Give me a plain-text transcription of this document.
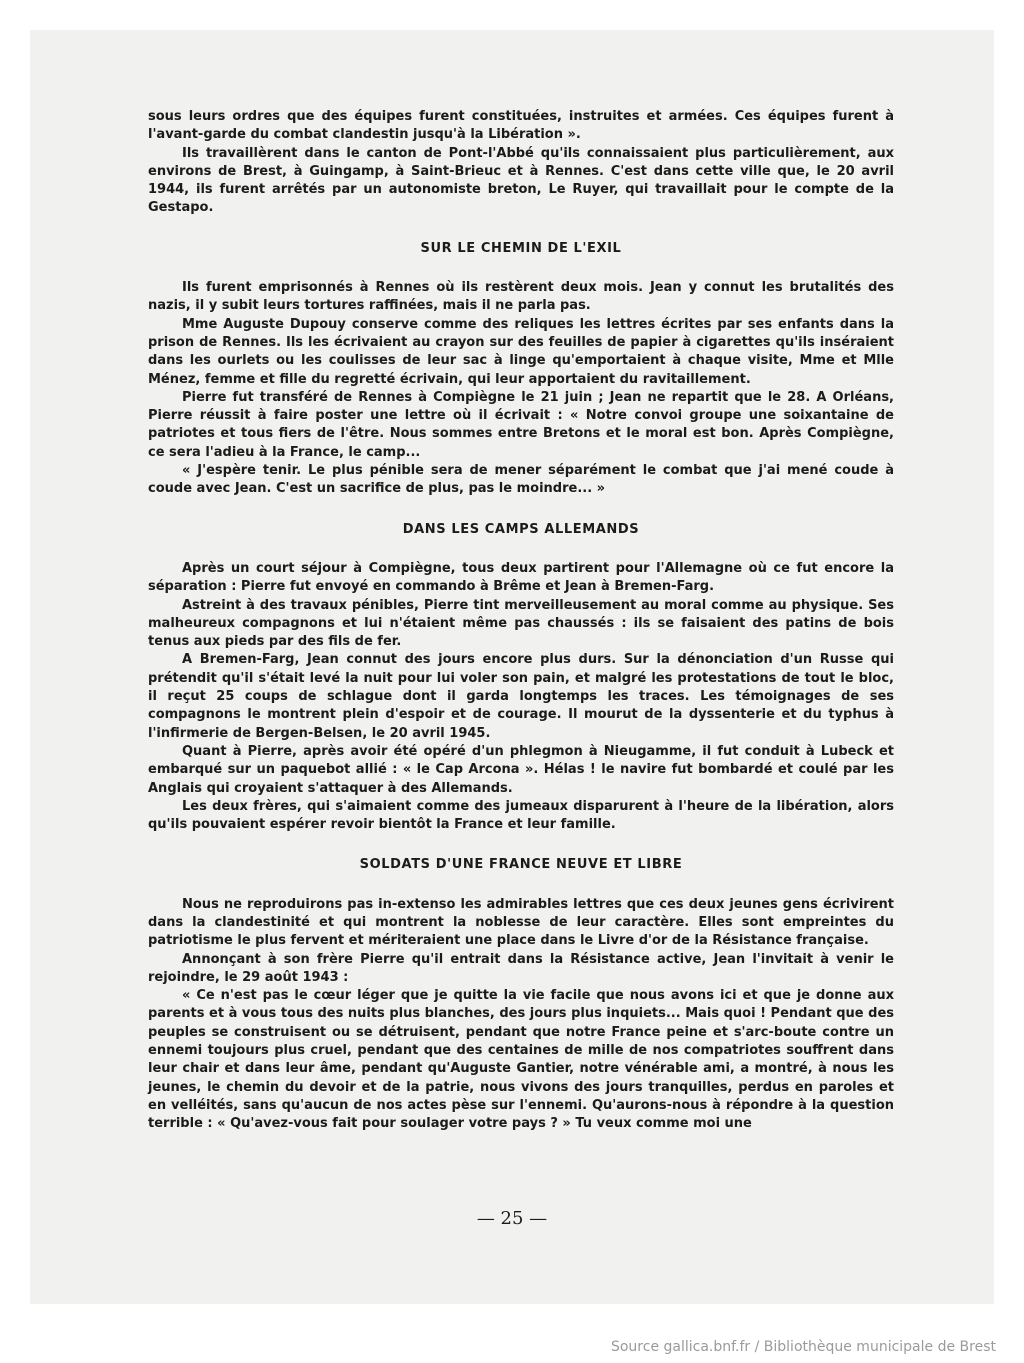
sous leurs ordres que des équipes furent constituées, instruites et armées. Ces équipes furent à l'avant-garde du combat clandestin jusqu'à la Libération ».

Ils travaillèrent dans le canton de Pont-l'Abbé qu'ils connaissaient plus particulièrement, aux environs de Brest, à Guingamp, à Saint-Brieuc et à Rennes. C'est dans cette ville que, le 20 avril 1944, ils furent arrêtés par un autonomiste breton, Le Ruyer, qui travaillait pour le compte de la Gestapo.

SUR LE CHEMIN DE L'EXIL

Ils furent emprisonnés à Rennes où ils restèrent deux mois. Jean y connut les brutalités des nazis, il y subit leurs tortures raffinées, mais il ne parla pas.

Mme Auguste Dupouy conserve comme des reliques les lettres écrites par ses enfants dans la prison de Rennes. Ils les écrivaient au crayon sur des feuilles de papier à cigarettes qu'ils inséraient dans les ourlets ou les coulisses de leur sac à linge qu'emportaient à chaque visite, Mme et Mlle Ménez, femme et fille du regretté écrivain, qui leur apportaient du ravitaillement.

Pierre fut transféré de Rennes à Compiègne le 21 juin ; Jean ne repartit que le 28. A Orléans, Pierre réussit à faire poster une lettre où il écrivait : « Notre convoi groupe une soixantaine de patriotes et tous fiers de l'être. Nous sommes entre Bretons et le moral est bon. Après Compiègne, ce sera l'adieu à la France, le camp...

« J'espère tenir. Le plus pénible sera de mener séparément le combat que j'ai mené coude à coude avec Jean. C'est un sacrifice de plus, pas le moindre... »

DANS LES CAMPS ALLEMANDS

Après un court séjour à Compiègne, tous deux partirent pour l'Allemagne où ce fut encore la séparation : Pierre fut envoyé en commando à Brême et Jean à Bremen-Farg.

Astreint à des travaux pénibles, Pierre tint merveilleusement au moral comme au physique. Ses malheureux compagnons et lui n'étaient même pas chaussés : ils se faisaient des patins de bois tenus aux pieds par des fils de fer.

A Bremen-Farg, Jean connut des jours encore plus durs. Sur la dénonciation d'un Russe qui prétendit qu'il s'était levé la nuit pour lui voler son pain, et malgré les protestations de tout le bloc, il reçut 25 coups de schlague dont il garda longtemps les traces. Les témoignages de ses compagnons le montrent plein d'espoir et de courage. Il mourut de la dyssenterie et du typhus à l'infirmerie de Bergen-Belsen, le 20 avril 1945.

Quant à Pierre, après avoir été opéré d'un phlegmon à Nieugamme, il fut conduit à Lubeck et embarqué sur un paquebot allié : « le Cap Arcona ». Hélas ! le navire fut bombardé et coulé par les Anglais qui croyaient s'attaquer à des Allemands.

Les deux frères, qui s'aimaient comme des jumeaux disparurent à l'heure de la libération, alors qu'ils pouvaient espérer revoir bientôt la France et leur famille.

SOLDATS D'UNE FRANCE NEUVE ET LIBRE

Nous ne reproduirons pas in-extenso les admirables lettres que ces deux jeunes gens écrivirent dans la clandestinité et qui montrent la noblesse de leur caractère. Elles sont empreintes du patriotisme le plus fervent et mériteraient une place dans le Livre d'or de la Résistance française.

Annonçant à son frère Pierre qu'il entrait dans la Résistance active, Jean l'invitait à venir le rejoindre, le 29 août 1943 :

« Ce n'est pas le cœur léger que je quitte la vie facile que nous avons ici et que je donne aux parents et à vous tous des nuits plus blanches, des jours plus inquiets... Mais quoi ! Pendant que des peuples se construisent ou se détruisent, pendant que notre France peine et s'arc-boute contre un ennemi toujours plus cruel, pendant que des centaines de mille de nos compatriotes souffrent dans leur chair et dans leur âme, pendant qu'Auguste Gantier, notre vénérable ami, a montré, à nous les jeunes, le chemin du devoir et de la patrie, nous vivons des jours tranquilles, perdus en paroles et en velléités, sans qu'aucun de nos actes pèse sur l'ennemi. Qu'aurons-nous à répondre à la question terrible : « Qu'avez-vous fait pour soulager votre pays ? » Tu veux comme moi une

— 25 —
Source gallica.bnf.fr / Bibliothèque municipale de Brest
